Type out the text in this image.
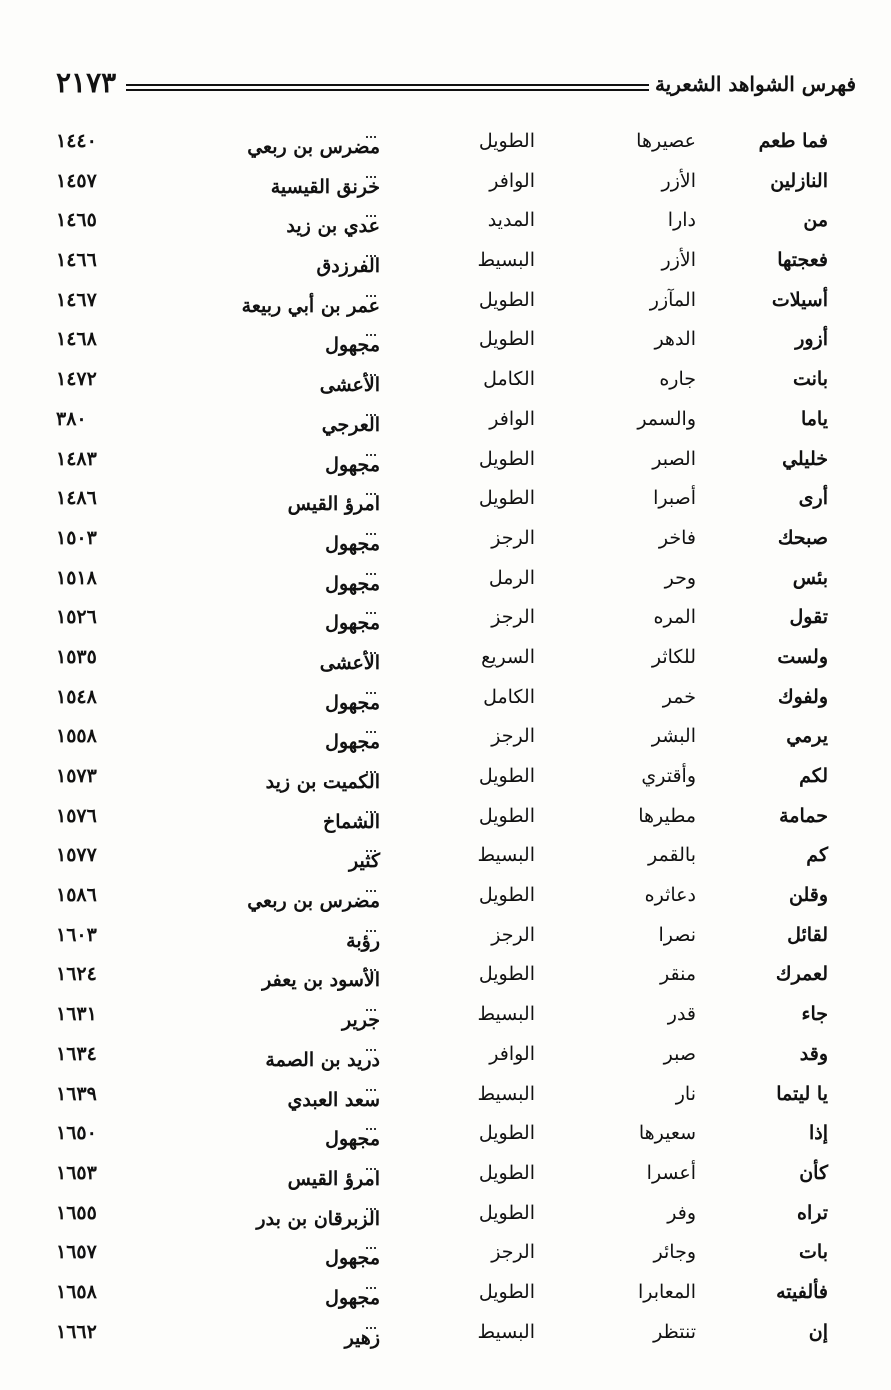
فهرس الشواهد الشعرية
٢١٧٣
فما طعم
عصيرها
الطويل
مضرس بن ربعي
١٤٤٠
النازلين
الأزر
الوافر
خرنق القيسية
١٤٥٧
من
دارا
المديد
عدي بن زيد
١٤٦٥
فعجتها
الأزر
البسيط
الفرزدق
١٤٦٦
أسيلات
المآزر
الطويل
عمر بن أبي ربيعة
١٤٦٧
أزور
الدهر
الطويل
مجهول
١٤٦٨
بانت
جاره
الكامل
الأعشى
١٤٧٢
ياما
والسمر
الوافر
العرجي
٣٨٠
خليلي
الصبر
الطويل
مجهول
١٤٨٣
أرى
أصبرا
الطويل
امرؤ القيس
١٤٨٦
صبحك
فاخر
الرجز
مجهول
١٥٠٣
بئس
وحر
الرمل
مجهول
١٥١٨
تقول
المره
الرجز
مجهول
١٥٢٦
ولست
للكاثر
السريع
الأعشى
١٥٣٥
ولفوك
خمر
الكامل
مجهول
١٥٤٨
يرمي
البشر
الرجز
مجهول
١٥٥٨
لكم
وأقتري
الطويل
الكميت بن زيد
١٥٧٣
حمامة
مطيرها
الطويل
الشماخ
١٥٧٦
كم
بالقمر
البسيط
كثير
١٥٧٧
وقلن
دعاثره
الطويل
مضرس بن ربعي
١٥٨٦
لقائل
نصرا
الرجز
رؤبة
١٦٠٣
لعمرك
منقر
الطويل
الأسود بن يعفر
١٦٢٤
جاء
قدر
البسيط
جرير
١٦٣١
وقد
صبر
الوافر
دريد بن الصمة
١٦٣٤
يا ليتما
نار
البسيط
سعد العبدي
١٦٣٩
إذا
سعيرها
الطويل
مجهول
١٦٥٠
كأن
أعسرا
الطويل
امرؤ القيس
١٦٥٣
تراه
وفر
الطويل
الزبرقان بن بدر
١٦٥٥
بات
وجائر
الرجز
مجهول
١٦٥٧
فألفيته
المعابرا
الطويل
مجهول
١٦٥٨
إن
تنتظر
البسيط
زهير
١٦٦٢
